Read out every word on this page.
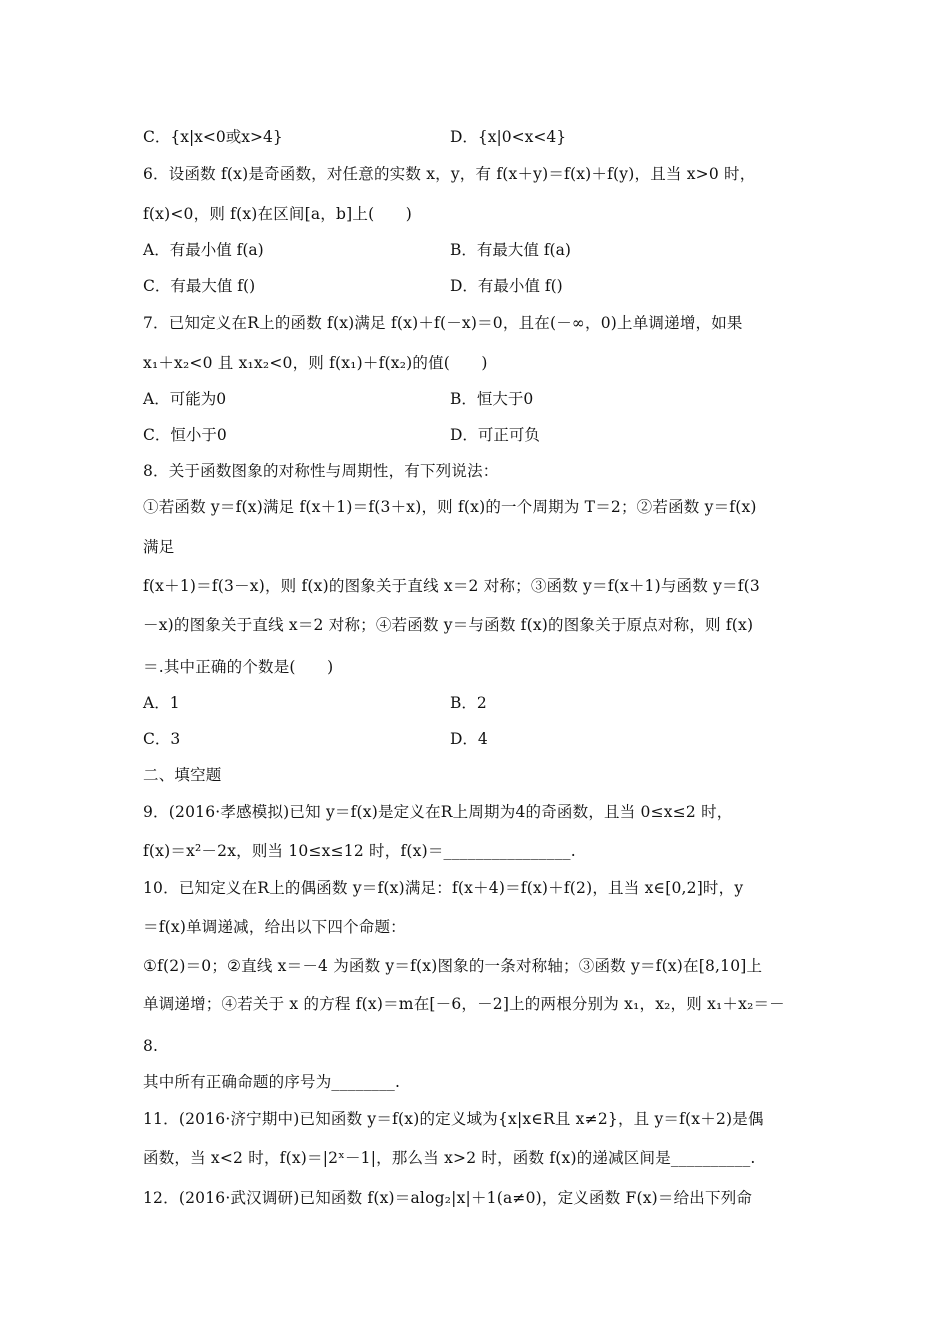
C．{x|x<0或x>4}	D．{x|0<x<4}
6．设函数 f(x)是奇函数，对任意的实数 x，y，有 f(x＋y)＝f(x)＋f(y)，且当 x>0 时，
f(x)<0，则 f(x)在区间[a，b]上(　　)
A．有最小值 f(a)	B．有最大值 f(a)
C．有最大值 f()	D．有最小值 f()
7．已知定义在R上的函数 f(x)满足 f(x)＋f(－x)＝0，且在(－∞，0)上单调递增，如果
x₁＋x₂<0 且 x₁x₂<0，则 f(x₁)＋f(x₂)的值(　　)
A．可能为0	B．恒大于0
C．恒小于0	D．可正可负
8．关于函数图象的对称性与周期性，有下列说法：
①若函数 y＝f(x)满足 f(x＋1)＝f(3＋x)，则 f(x)的一个周期为 T＝2；②若函数 y＝f(x)
满足
f(x＋1)＝f(3－x)，则 f(x)的图象关于直线 x＝2 对称；③函数 y＝f(x＋1)与函数 y＝f(3
－x)的图象关于直线 x＝2 对称；④若函数 y＝与函数 f(x)的图象关于原点对称，则 f(x)
＝.其中正确的个数是(　　)
A．1	B．2
C．3	D．4
二、填空题
9．(2016·孝感模拟)已知 y＝f(x)是定义在R上周期为4的奇函数，且当 0≤x≤2 时，
f(x)＝x²－2x，则当 10≤x≤12 时，f(x)＝________________.
10．已知定义在R上的偶函数 y＝f(x)满足：f(x＋4)＝f(x)＋f(2)，且当 x∈[0,2]时，y
＝f(x)单调递减，给出以下四个命题：
①f(2)＝0；②直线 x＝－4 为函数 y＝f(x)图象的一条对称轴；③函数 y＝f(x)在[8,10]上
单调递增；④若关于 x 的方程 f(x)＝m在[－6，－2]上的两根分别为 x₁，x₂，则 x₁＋x₂＝－
8.
其中所有正确命题的序号为________.
11．(2016·济宁期中)已知函数 y＝f(x)的定义域为{x|x∈R且 x≠2}，且 y＝f(x＋2)是偶
函数，当 x<2 时，f(x)＝|2ˣ－1|，那么当 x>2 时，函数 f(x)的递减区间是__________.
12．(2016·武汉调研)已知函数 f(x)＝alog₂|x|＋1(a≠0)，定义函数 F(x)＝给出下列命
